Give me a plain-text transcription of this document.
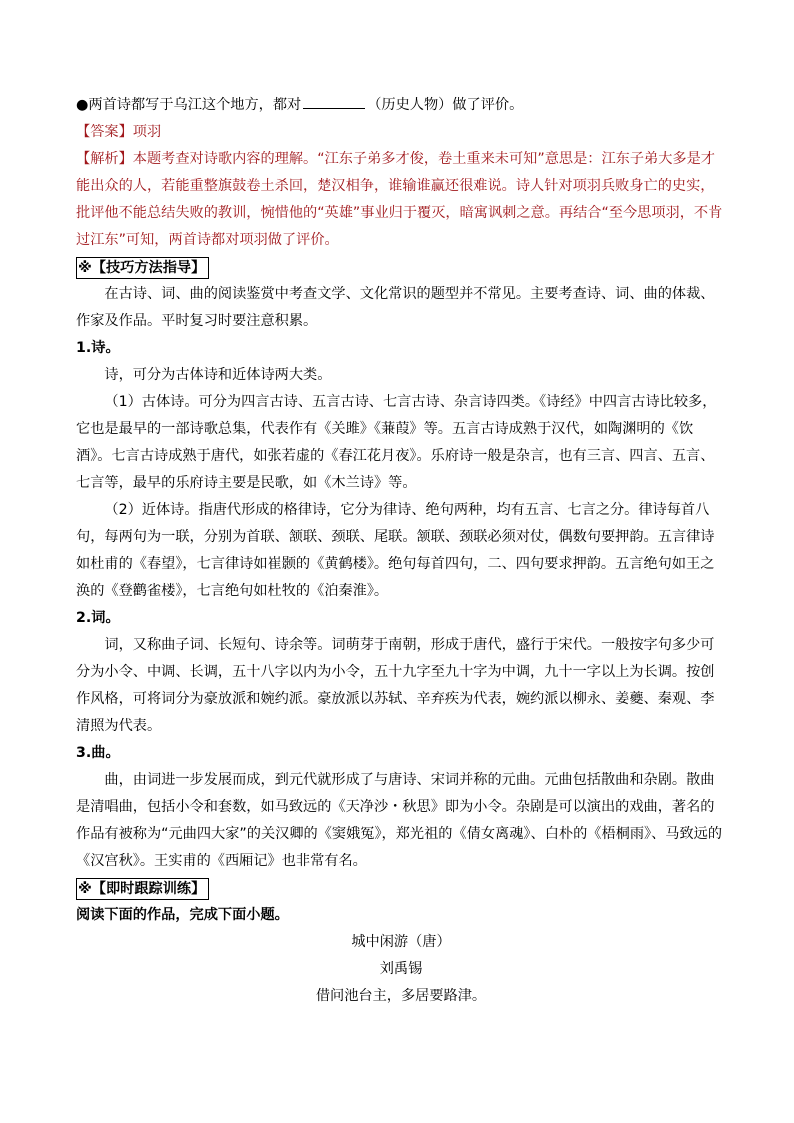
●两首诗都写于乌江这个地方，都对	（历史人物）做了评价。

【答案】项羽

【解析】本题考查对诗歌内容的理解。“江东子弟多才俊，卷土重来未可知”意思是：江东子弟大多是才能出众的人，若能重整旗鼓卷土杀回，楚汉相争，谁输谁赢还很难说。诗人针对项羽兵败身亡的史实，批评他不能总结失败的教训，惋惜他的“英雄”事业归于覆灭，暗寓讽刺之意。再结合“至今思项羽，不肯过江东”可知，两首诗都对项羽做了评价。

※【技巧方法指导】

在古诗、词、曲的阅读鉴赏中考查文学、文化常识的题型并不常见。主要考查诗、词、曲的体裁、作家及作品。平时复习时要注意积累。

1.诗。

诗，可分为古体诗和近体诗两大类。

（1）古体诗。可分为四言古诗、五言古诗、七言古诗、杂言诗四类。《诗经》中四言古诗比较多，它也是最早的一部诗歌总集，代表作有《关雎》《蒹葭》等。五言古诗成熟于汉代，如陶渊明的《饮酒》。七言古诗成熟于唐代，如张若虚的《春江花月夜》。乐府诗一般是杂言，也有三言、四言、五言、七言等，最早的乐府诗主要是民歌，如《木兰诗》等。

（2）近体诗。指唐代形成的格律诗，它分为律诗、绝句两种，均有五言、七言之分。律诗每首八句，每两句为一联，分别为首联、颔联、颈联、尾联。颔联、颈联必须对仗，偶数句要押韵。五言律诗如杜甫的《春望》，七言律诗如崔颢的《黄鹤楼》。绝句每首四句，二、四句要求押韵。五言绝句如王之涣的《登鹳雀楼》，七言绝句如杜牧的《泊秦淮》。

2.词。

词，又称曲子词、长短句、诗余等。词萌芽于南朝，形成于唐代，盛行于宋代。一般按字句多少可分为小令、中调、长调，五十八字以内为小令，五十九字至九十字为中调，九十一字以上为长调。按创作风格，可将词分为豪放派和婉约派。豪放派以苏轼、辛弃疾为代表，婉约派以柳永、姜夔、秦观、李清照为代表。

3.曲。

曲，由词进一步发展而成，到元代就形成了与唐诗、宋词并称的元曲。元曲包括散曲和杂剧。散曲是清唱曲，包括小令和套数，如马致远的《天净沙・秋思》即为小令。杂剧是可以演出的戏曲，著名的作品有被称为“元曲四大家”的关汉卿的《窦娥冤》，郑光祖的《倩女离魂》、白朴的《梧桐雨》、马致远的《汉宫秋》。王实甫的《西厢记》也非常有名。

※【即时跟踪训练】

阅读下面的作品，完成下面小题。

城中闲游（唐）

刘禹锡

借问池台主，多居要路津。
